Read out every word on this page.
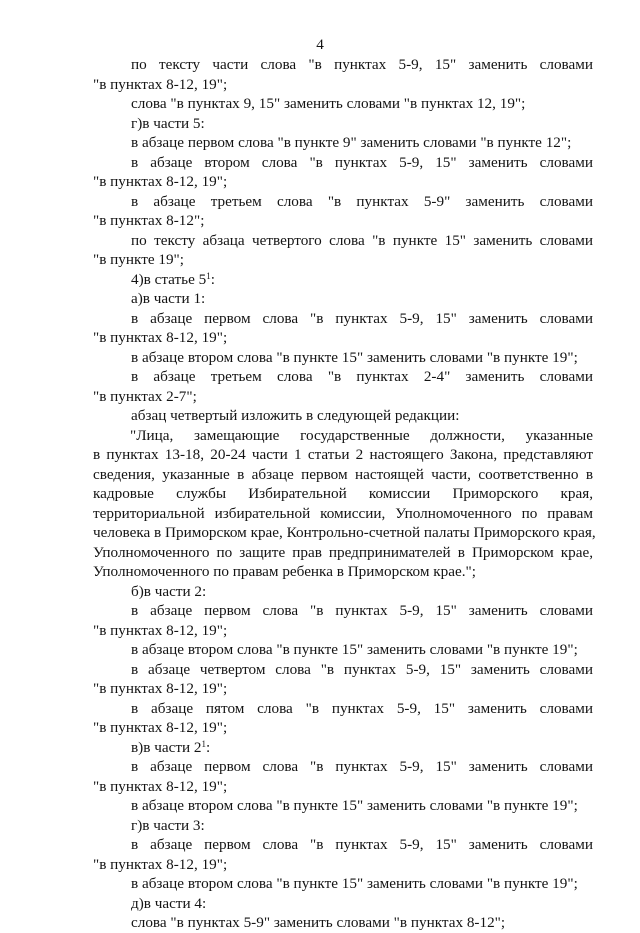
4
по тексту части слова "в пунктах 5-9, 15" заменить словами
"в пунктах 8-12, 19";
слова "в пунктах 9, 15" заменить словами "в пунктах 12, 19";
г)в части 5:
в абзаце первом слова "в пункте 9" заменить словами "в пункте 12";
в абзаце втором слова "в пунктах 5-9, 15" заменить словами
"в пунктах 8-12, 19";
в абзаце третьем слова "в пунктах 5-9" заменить словами
"в пунктах 8-12";
по тексту абзаца четвертого слова "в пункте 15" заменить словами
"в пункте 19";
4)в статье $5^1$:
а)в части 1:
в абзаце первом слова "в пунктах 5-9, 15" заменить словами
"в пунктах 8-12, 19";
в абзаце втором слова "в пункте 15" заменить словами "в пункте 19";
в абзаце третьем слова "в пунктах 2-4" заменить словами
"в пунктах 2-7";
абзац четвертый изложить в следующей редакции:
"Лица, замещающие государственные должности, указанные
в пунктах 13-18, 20-24 части 1 статьи 2 настоящего Закона, представляют
сведения, указанные в абзаце первом настоящей части, соответственно в
кадровые службы Избирательной комиссии Приморского края,
территориальной избирательной комиссии, Уполномоченного по правам
человека в Приморском крае, Контрольно-счетной палаты Приморского края,
Уполномоченного по защите прав предпринимателей в Приморском крае,
Уполномоченного по правам ребенка в Приморском крае.";
б)в части 2:
в абзаце первом слова "в пунктах 5-9, 15" заменить словами
"в пунктах 8-12, 19";
в абзаце втором слова "в пункте 15" заменить словами "в пункте 19";
в абзаце четвертом слова "в пунктах 5-9, 15" заменить словами
"в пунктах 8-12, 19";
в абзаце пятом слова "в пунктах 5-9, 15" заменить словами
"в пунктах 8-12, 19";
в)в части $2^1$:
в абзаце первом слова "в пунктах 5-9, 15" заменить словами
"в пунктах 8-12, 19";
в абзаце втором слова "в пункте 15" заменить словами "в пункте 19";
г)в части 3:
в абзаце первом слова "в пунктах 5-9, 15" заменить словами
"в пунктах 8-12, 19";
в абзаце втором слова "в пункте 15" заменить словами "в пункте 19";
д)в части 4:
слова "в пунктах 5-9" заменить словами "в пунктах 8-12";
